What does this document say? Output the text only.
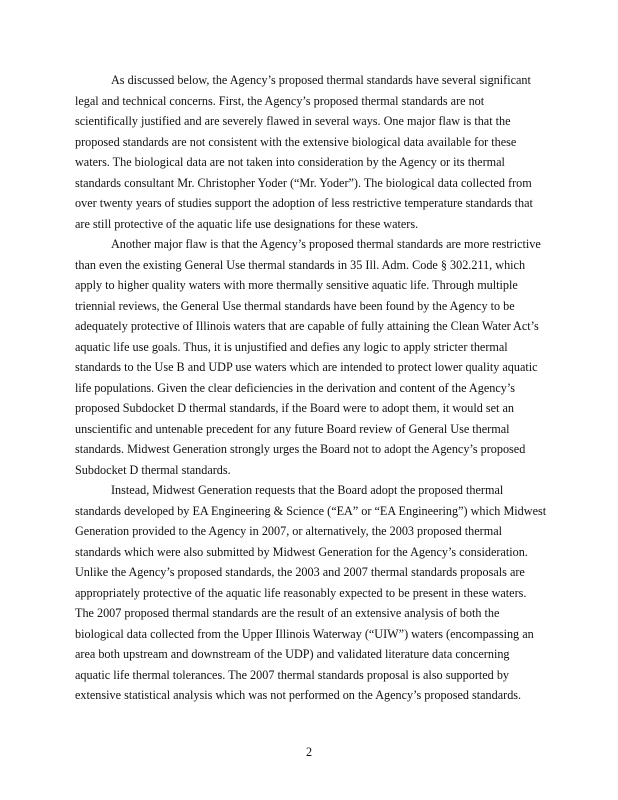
As discussed below, the Agency’s proposed thermal standards have several significant
legal and technical concerns. First, the Agency’s proposed thermal standards are not
scientifically justified and are severely flawed in several ways. One major flaw is that the
proposed standards are not consistent with the extensive biological data available for these
waters. The biological data are not taken into consideration by the Agency or its thermal
standards consultant Mr. Christopher Yoder (“Mr. Yoder”). The biological data collected from
over twenty years of studies support the adoption of less restrictive temperature standards that
are still protective of the aquatic life use designations for these waters.
Another major flaw is that the Agency’s proposed thermal standards are more restrictive
than even the existing General Use thermal standards in 35 Ill. Adm. Code § 302.211, which
apply to higher quality waters with more thermally sensitive aquatic life. Through multiple
triennial reviews, the General Use thermal standards have been found by the Agency to be
adequately protective of Illinois waters that are capable of fully attaining the Clean Water Act’s
aquatic life use goals. Thus, it is unjustified and defies any logic to apply stricter thermal
standards to the Use B and UDP use waters which are intended to protect lower quality aquatic
life populations. Given the clear deficiencies in the derivation and content of the Agency’s
proposed Subdocket D thermal standards, if the Board were to adopt them, it would set an
unscientific and untenable precedent for any future Board review of General Use thermal
standards. Midwest Generation strongly urges the Board not to adopt the Agency’s proposed
Subdocket D thermal standards.
Instead, Midwest Generation requests that the Board adopt the proposed thermal
standards developed by EA Engineering & Science (“EA” or “EA Engineering”) which Midwest
Generation provided to the Agency in 2007, or alternatively, the 2003 proposed thermal
standards which were also submitted by Midwest Generation for the Agency’s consideration.
Unlike the Agency’s proposed standards, the 2003 and 2007 thermal standards proposals are
appropriately protective of the aquatic life reasonably expected to be present in these waters.
The 2007 proposed thermal standards are the result of an extensive analysis of both the
biological data collected from the Upper Illinois Waterway (“UIW”) waters (encompassing an
area both upstream and downstream of the UDP) and validated literature data concerning
aquatic life thermal tolerances. The 2007 thermal standards proposal is also supported by
extensive statistical analysis which was not performed on the Agency’s proposed standards.
2
